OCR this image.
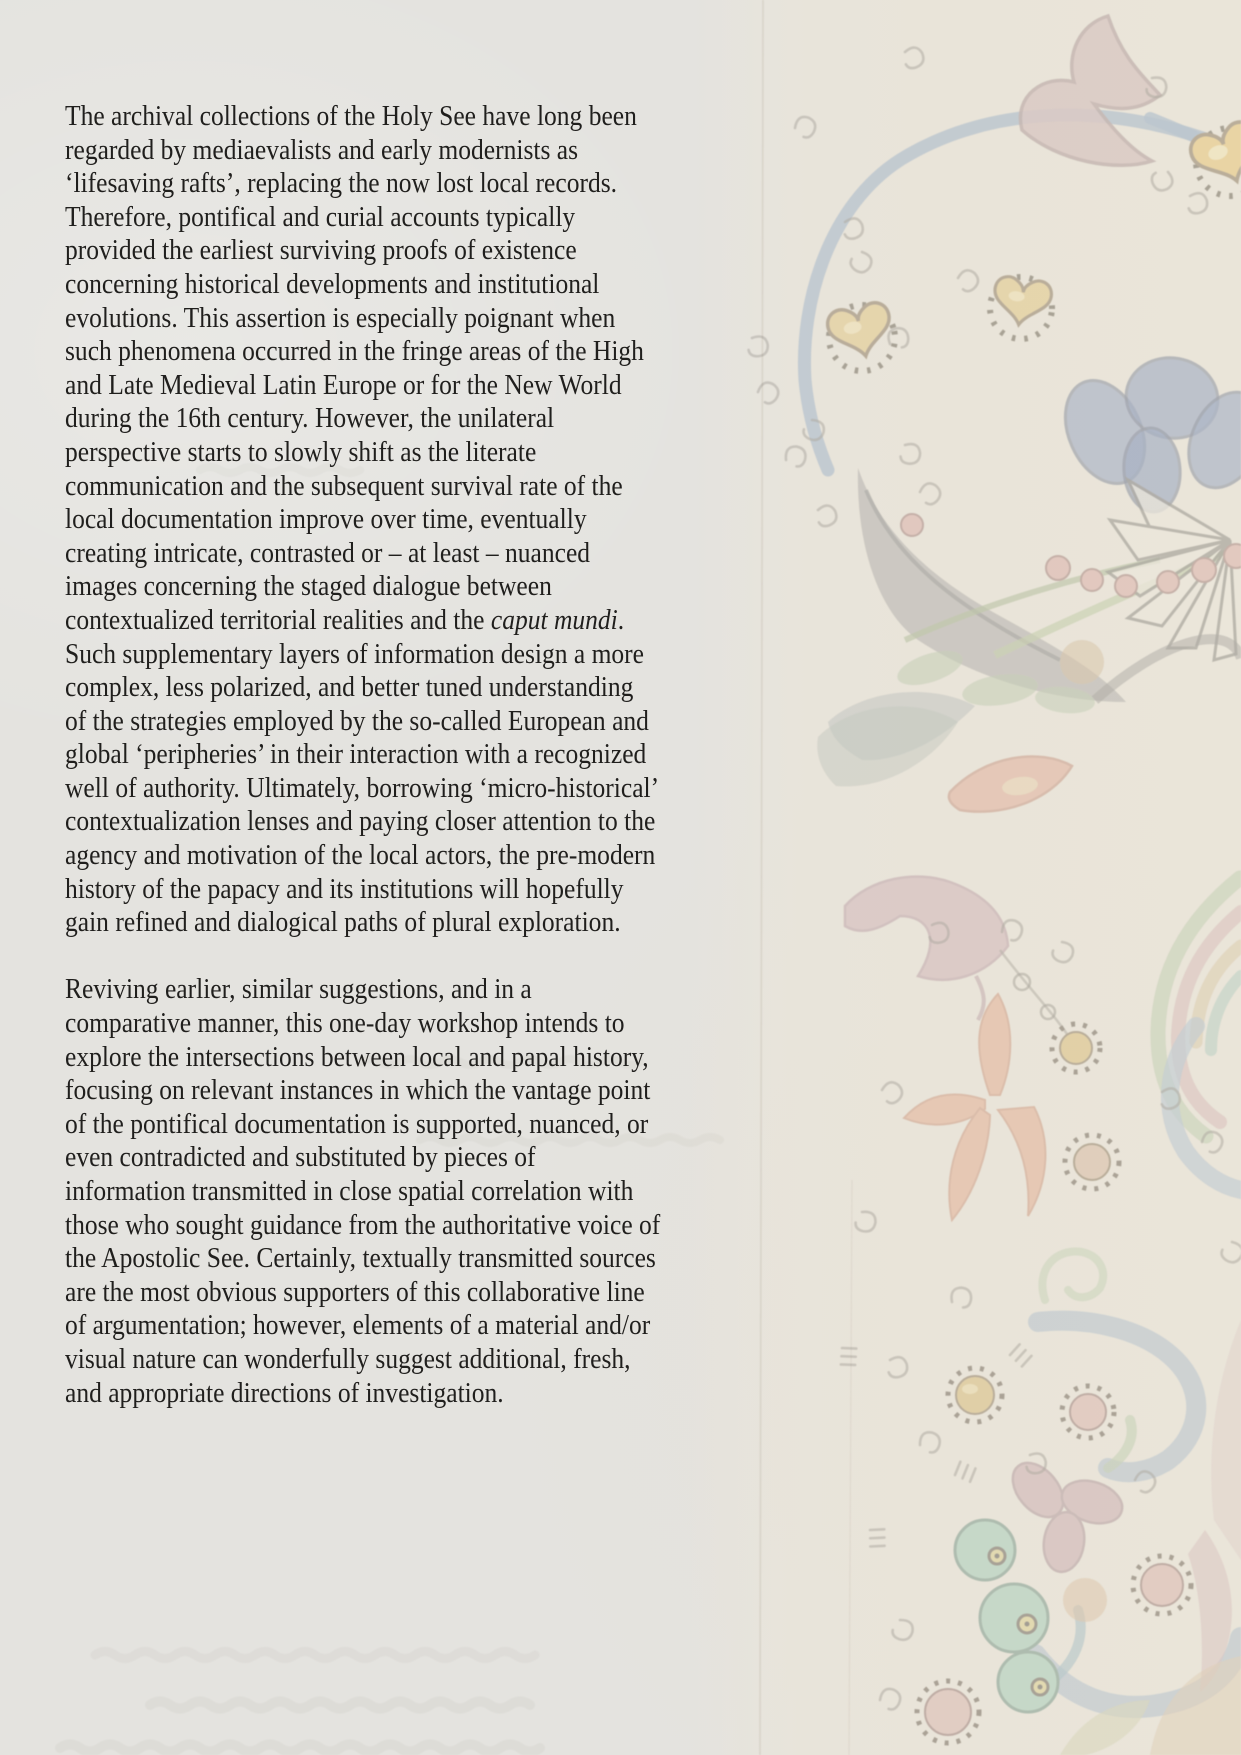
The archival collections of the Holy See have long been
regarded by mediaevalists and early modernists as
‘lifesaving rafts’, replacing the now lost local records.
Therefore, pontifical and curial accounts typically
provided the earliest surviving proofs of existence
concerning historical developments and institutional
evolutions. This assertion is especially poignant when
such phenomena occurred in the fringe areas of the High
and Late Medieval Latin Europe or for the New World
during the 16th century. However, the unilateral
perspective starts to slowly shift as the literate
communication and the subsequent survival rate of the
local documentation improve over time, eventually
creating intricate, contrasted or – at least – nuanced
images concerning the staged dialogue between
contextualized territorial realities and the caput mundi.
Such supplementary layers of information design a more
complex, less polarized, and better tuned understanding
of the strategies employed by the so-called European and
global ‘peripheries’ in their interaction with a recognized
well of authority. Ultimately, borrowing ‘micro-historical’
contextualization lenses and paying closer attention to the
agency and motivation of the local actors, the pre-modern
history of the papacy and its institutions will hopefully
gain refined and dialogical paths of plural exploration.
Reviving earlier, similar suggestions, and in a
comparative manner, this one-day workshop intends to
explore the intersections between local and papal history,
focusing on relevant instances in which the vantage point
of the pontifical documentation is supported, nuanced, or
even contradicted and substituted by pieces of
information transmitted in close spatial correlation with
those who sought guidance from the authoritative voice of
the Apostolic See. Certainly, textually transmitted sources
are the most obvious supporters of this collaborative line
of argumentation; however, elements of a material and/or
visual nature can wonderfully suggest additional, fresh,
and appropriate directions of investigation.
